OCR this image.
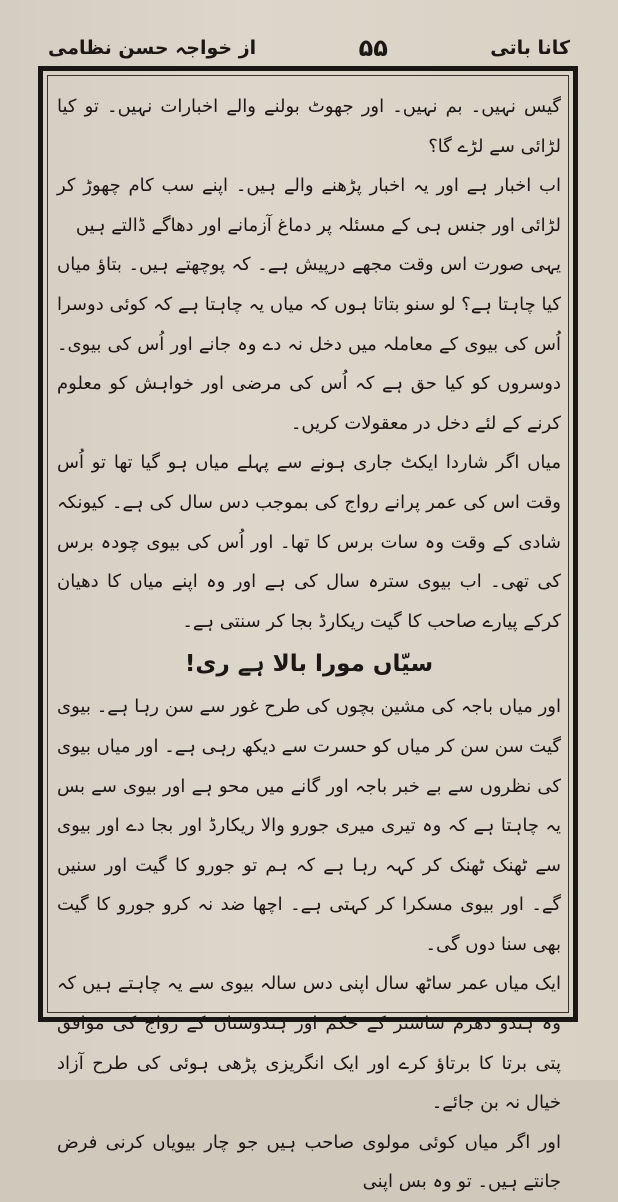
کانا باتی
۵۵
از خواجہ حسن نظامی

گیس نہیں۔ بم نہیں۔ اور جھوٹ بولنے والے اخبارات نہیں۔ تو کیا لڑائی سے لڑے گا؟

اب اخبار ہے اور یہ اخبار پڑھنے والے ہیں۔ اپنے سب کام چھوڑ کر لڑائی اور جنس ہی کے مسئلہ پر دماغ آزمانے اور دھاگے ڈالتے ہیں

یہی صورت اس وقت مجھے درپیش ہے۔ کہ پوچھتے ہیں۔ بتاؤ میاں کیا چاہتا ہے؟ لو سنو بتاتا ہوں کہ میاں یہ چاہتا ہے کہ کوئی دوسرا اُس کی بیوی کے معاملہ میں دخل نہ دے وہ جانے اور اُس کی بیوی۔ دوسروں کو کیا حق ہے کہ اُس کی مرضی اور خواہش کو معلوم کرنے کے لئے دخل در معقولات کریں۔

میاں اگر شاردا ایکٹ جاری ہونے سے پہلے میاں ہو گیا تھا تو اُس وقت اس کی عمر پرانے رواج کی بموجب دس سال کی ہے۔ کیونکہ شادی کے وقت وہ سات برس کا تھا۔ اور اُس کی بیوی چودہ برس کی تھی۔ اب بیوی سترہ سال کی ہے اور وہ اپنے میاں کا دھیان کرکے پیارے صاحب کا گیت ریکارڈ بجا کر سنتی ہے۔

سیّاں مورا بالا ہے ری!

اور میاں باجہ کی مشین بچوں کی طرح غور سے سن رہا ہے۔ بیوی گیت سن سن کر میاں کو حسرت سے دیکھ رہی ہے۔ اور میاں بیوی کی نظروں سے بے خبر باجہ اور گانے میں محو ہے اور بیوی سے بس یہ چاہتا ہے کہ وہ تیری میری جورو والا ریکارڈ اور بجا دے اور بیوی سے ٹھنک ٹھنک کر کہہ رہا ہے کہ ہم تو جورو کا گیت اور سنیں گے۔ اور بیوی مسکرا کر کہتی ہے۔ اچھا ضد نہ کرو جورو کا گیت بھی سنا دوں گی۔

ایک میاں عمر ساٹھ سال اپنی دس سالہ بیوی سے یہ چاہتے ہیں کہ وہ ہندو دھرم شاستر کے حکم اور ہندوستان کے رواج کی موافق پتی برتا کا برتاؤ کرے اور ایک انگریزی پڑھی ہوئی کی طرح آزاد خیال نہ بن جائے۔

اور اگر میاں کوئی مولوی صاحب ہیں جو چار بیویاں کرنی فرض جانتے ہیں۔ تو وہ بس اپنی
